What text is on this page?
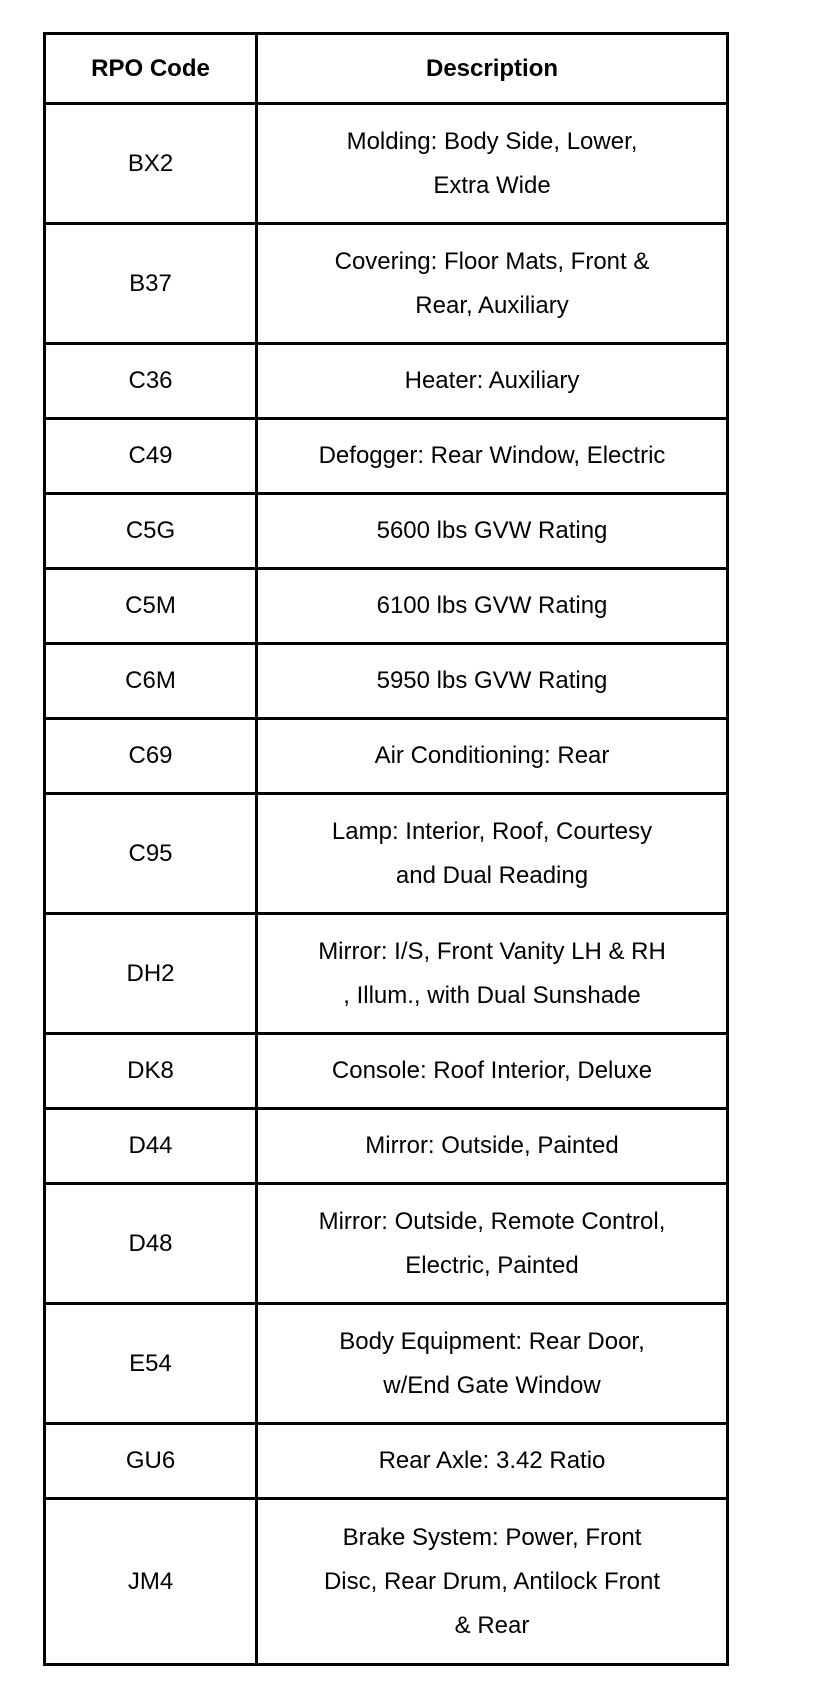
RPO Code	Description
BX2	Molding: Body Side, Lower,
Extra Wide

B37	Covering: Floor Mats, Front &
Rear, Auxiliary

C36	Heater: Auxiliary

C49	Defogger: Rear Window, Electric

C5G	5600 lbs GVW Rating

C5M	6100 lbs GVW Rating

C6M	5950 lbs GVW Rating

C69	Air Conditioning: Rear

C95	Lamp: Interior, Roof, Courtesy
and Dual Reading

DH2	Mirror: I/S, Front Vanity LH & RH
, Illum., with Dual Sunshade

DK8	Console: Roof Interior, Deluxe

D44	Mirror: Outside, Painted

D48	Mirror: Outside, Remote Control,
Electric, Painted

E54	Body Equipment: Rear Door,
w/End Gate Window

GU6	Rear Axle: 3.42 Ratio

JM4	Brake System: Power, Front
Disc, Rear Drum, Antilock Front
& Rear
